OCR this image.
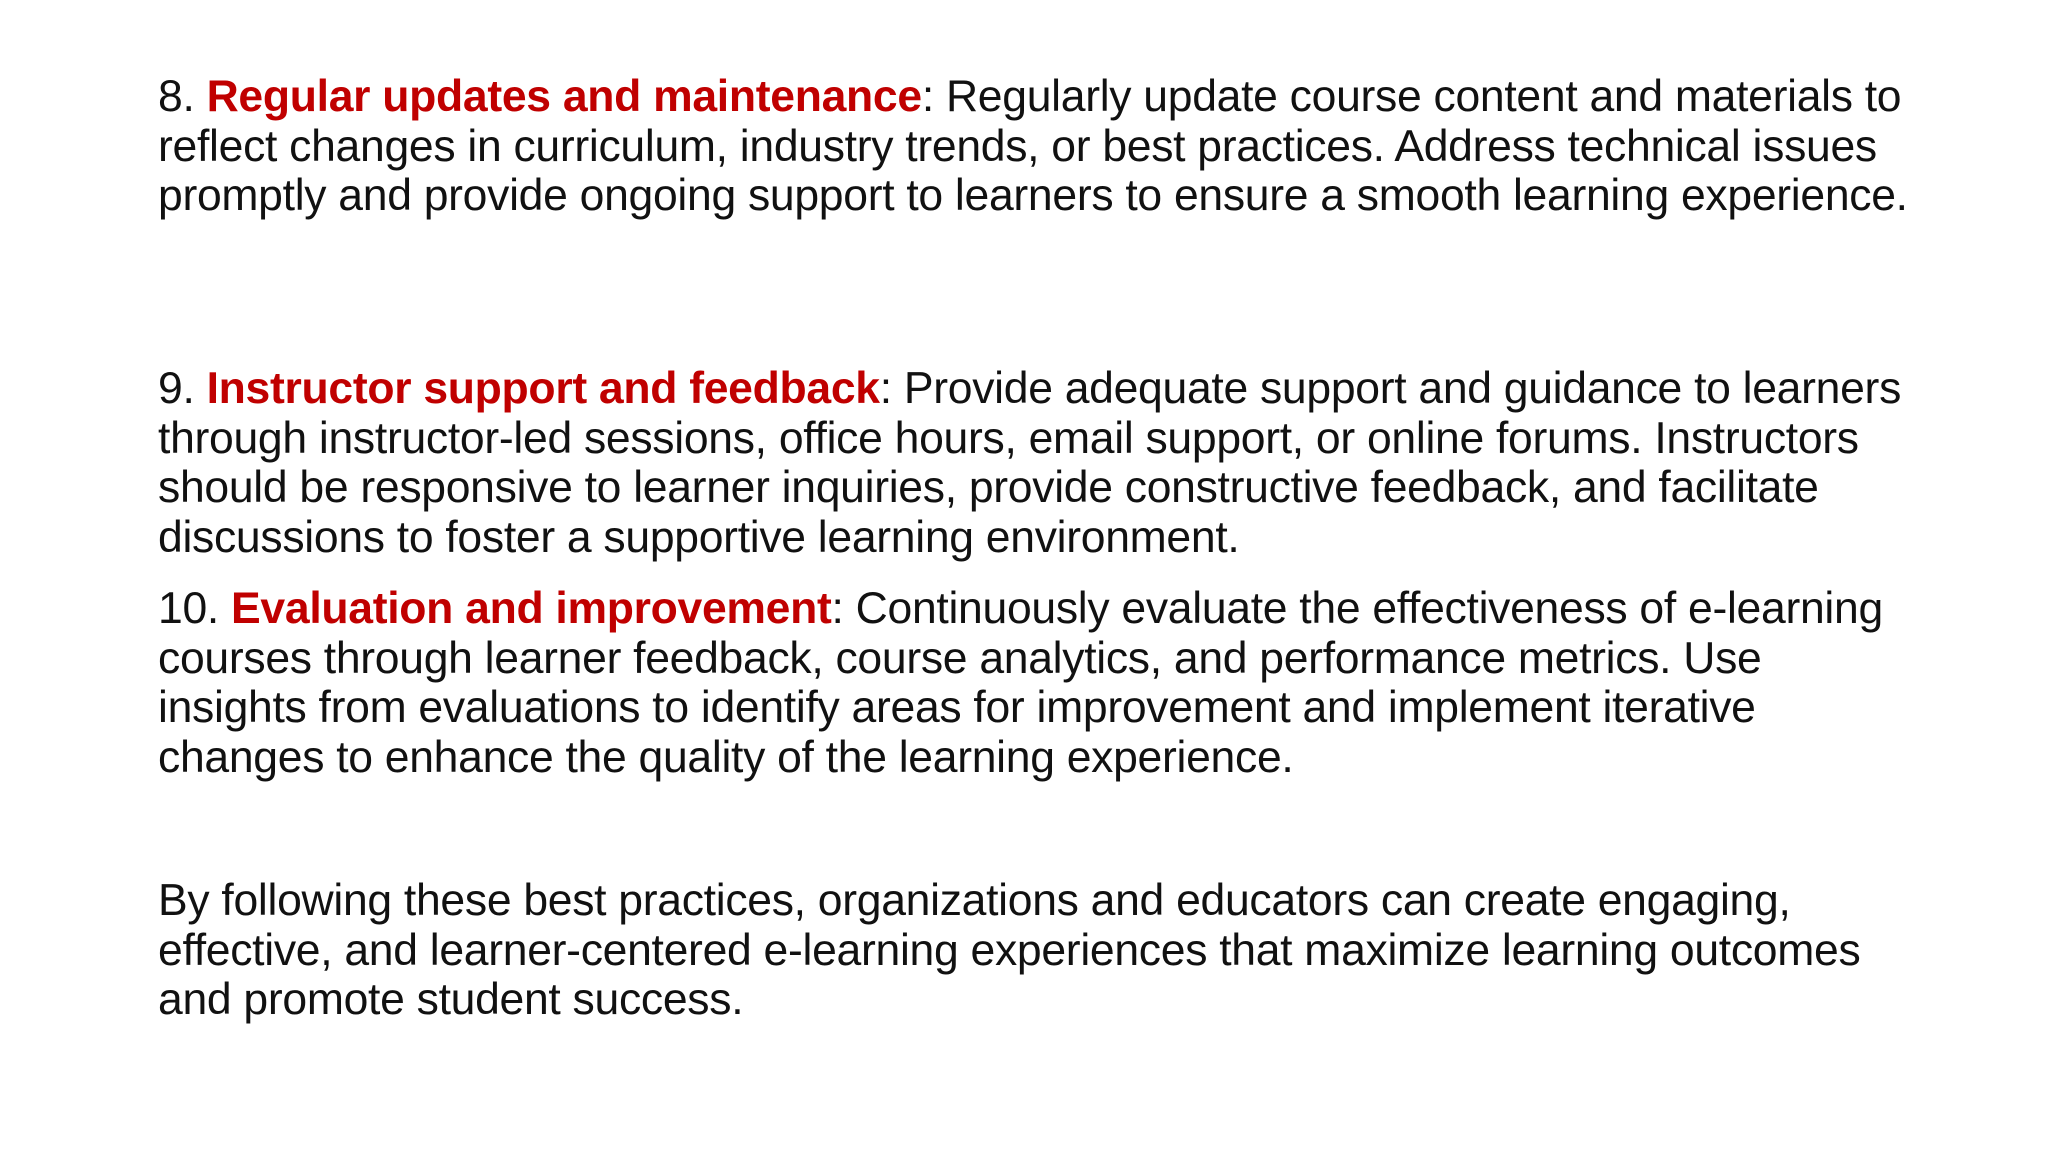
8. Regular updates and maintenance: Regularly update course content and materials to reflect changes in curriculum, industry trends, or best practices. Address technical issues promptly and provide ongoing support to learners to ensure a smooth learning experience.

9. Instructor support and feedback: Provide adequate support and guidance to learners through instructor-led sessions, office hours, email support, or online forums. Instructors should be responsive to learner inquiries, provide constructive feedback, and facilitate discussions to foster a supportive learning environment.

10. Evaluation and improvement: Continuously evaluate the effectiveness of e-learning courses through learner feedback, course analytics, and performance metrics. Use insights from evaluations to identify areas for improvement and implement iterative changes to enhance the quality of the learning experience.

By following these best practices, organizations and educators can create engaging, effective, and learner-centered e-learning experiences that maximize learning outcomes and promote student success.
